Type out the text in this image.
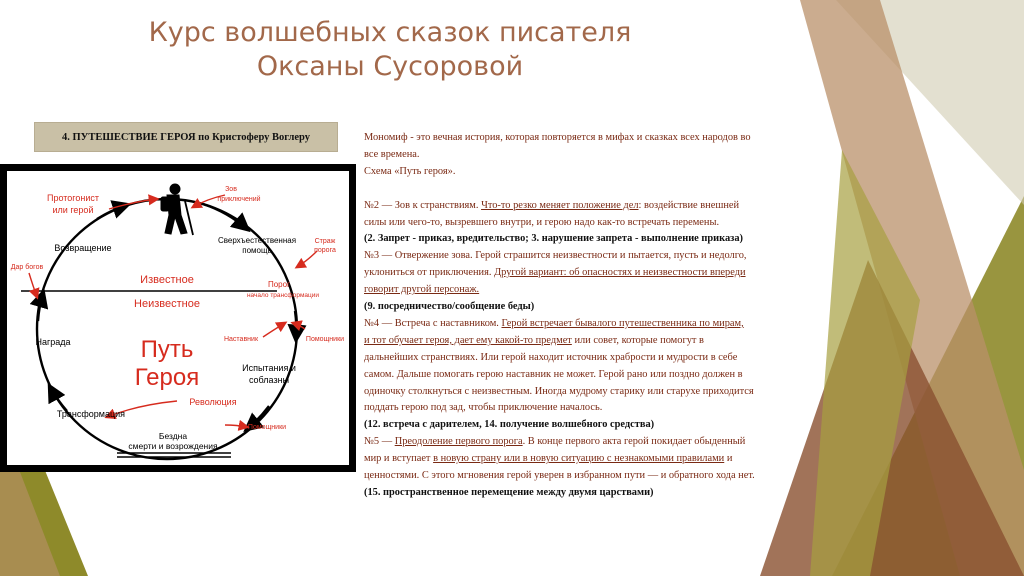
Курс волшебных сказок писателя
Оксаны Сусоровой
4. ПУТЕШЕСТВИЕ ГЕРОЯ по Кристоферу Воглеру
Протогонист
или герой
Зов
приключений
Возвращение
Сверхъестественная
помощь
Страж
порога
Дар богов
Известное	Порог
начало трансформации
Неизвестное
Наставник	Помощники
Награда	Путь
Героя	Испытания и
соблазны
Революция
Трансформация
Помощники
Бездна
смерти и возрождения

Мономиф - это вечная история, которая повторяется в мифах и сказках всех народов во

все времена.

Схема «Путь героя».

№2 — Зов к странствиям. Что-то резко меняет положение дел: воздействие внешней

силы или чего-то, вызревшего внутри, и герою надо как-то встречать перемены.

(2. Запрет - приказ, вредительство; 3. нарушение запрета - выполнение приказа)

№3 — Отвержение зова. Герой страшится неизвестности и пытается, пусть и недолго,

уклониться от приключения. Другой вариант: об опасностях и неизвестности впереди

говорит другой персонаж.

(9. посредничество/сообщение беды)

№4 — Встреча с наставником. Герой встречает бывалого путешественника по мирам,

и тот обучает героя, дает ему какой-то предмет или совет, которые помогут в

дальнейших странствиях. Или герой находит источник храбрости и мудрости в себе

самом. Дальше помогать герою наставник не может. Герой рано или поздно должен в

одиночку столкнуться с неизвестным. Иногда мудрому старику или старухе приходится

поддать герою под зад, чтобы приключение началось.

(12. встреча с дарителем, 14. получение волшебного средства)

№5 — Преодоление первого порога. В конце первого акта герой покидает обыденный

мир и вступает в новую страну или в новую ситуацию с незнакомыми правилами и

ценностями. С этого мгновения герой уверен в избранном пути — и обратного хода нет.

(15. пространственное перемещение между двумя царствами)
